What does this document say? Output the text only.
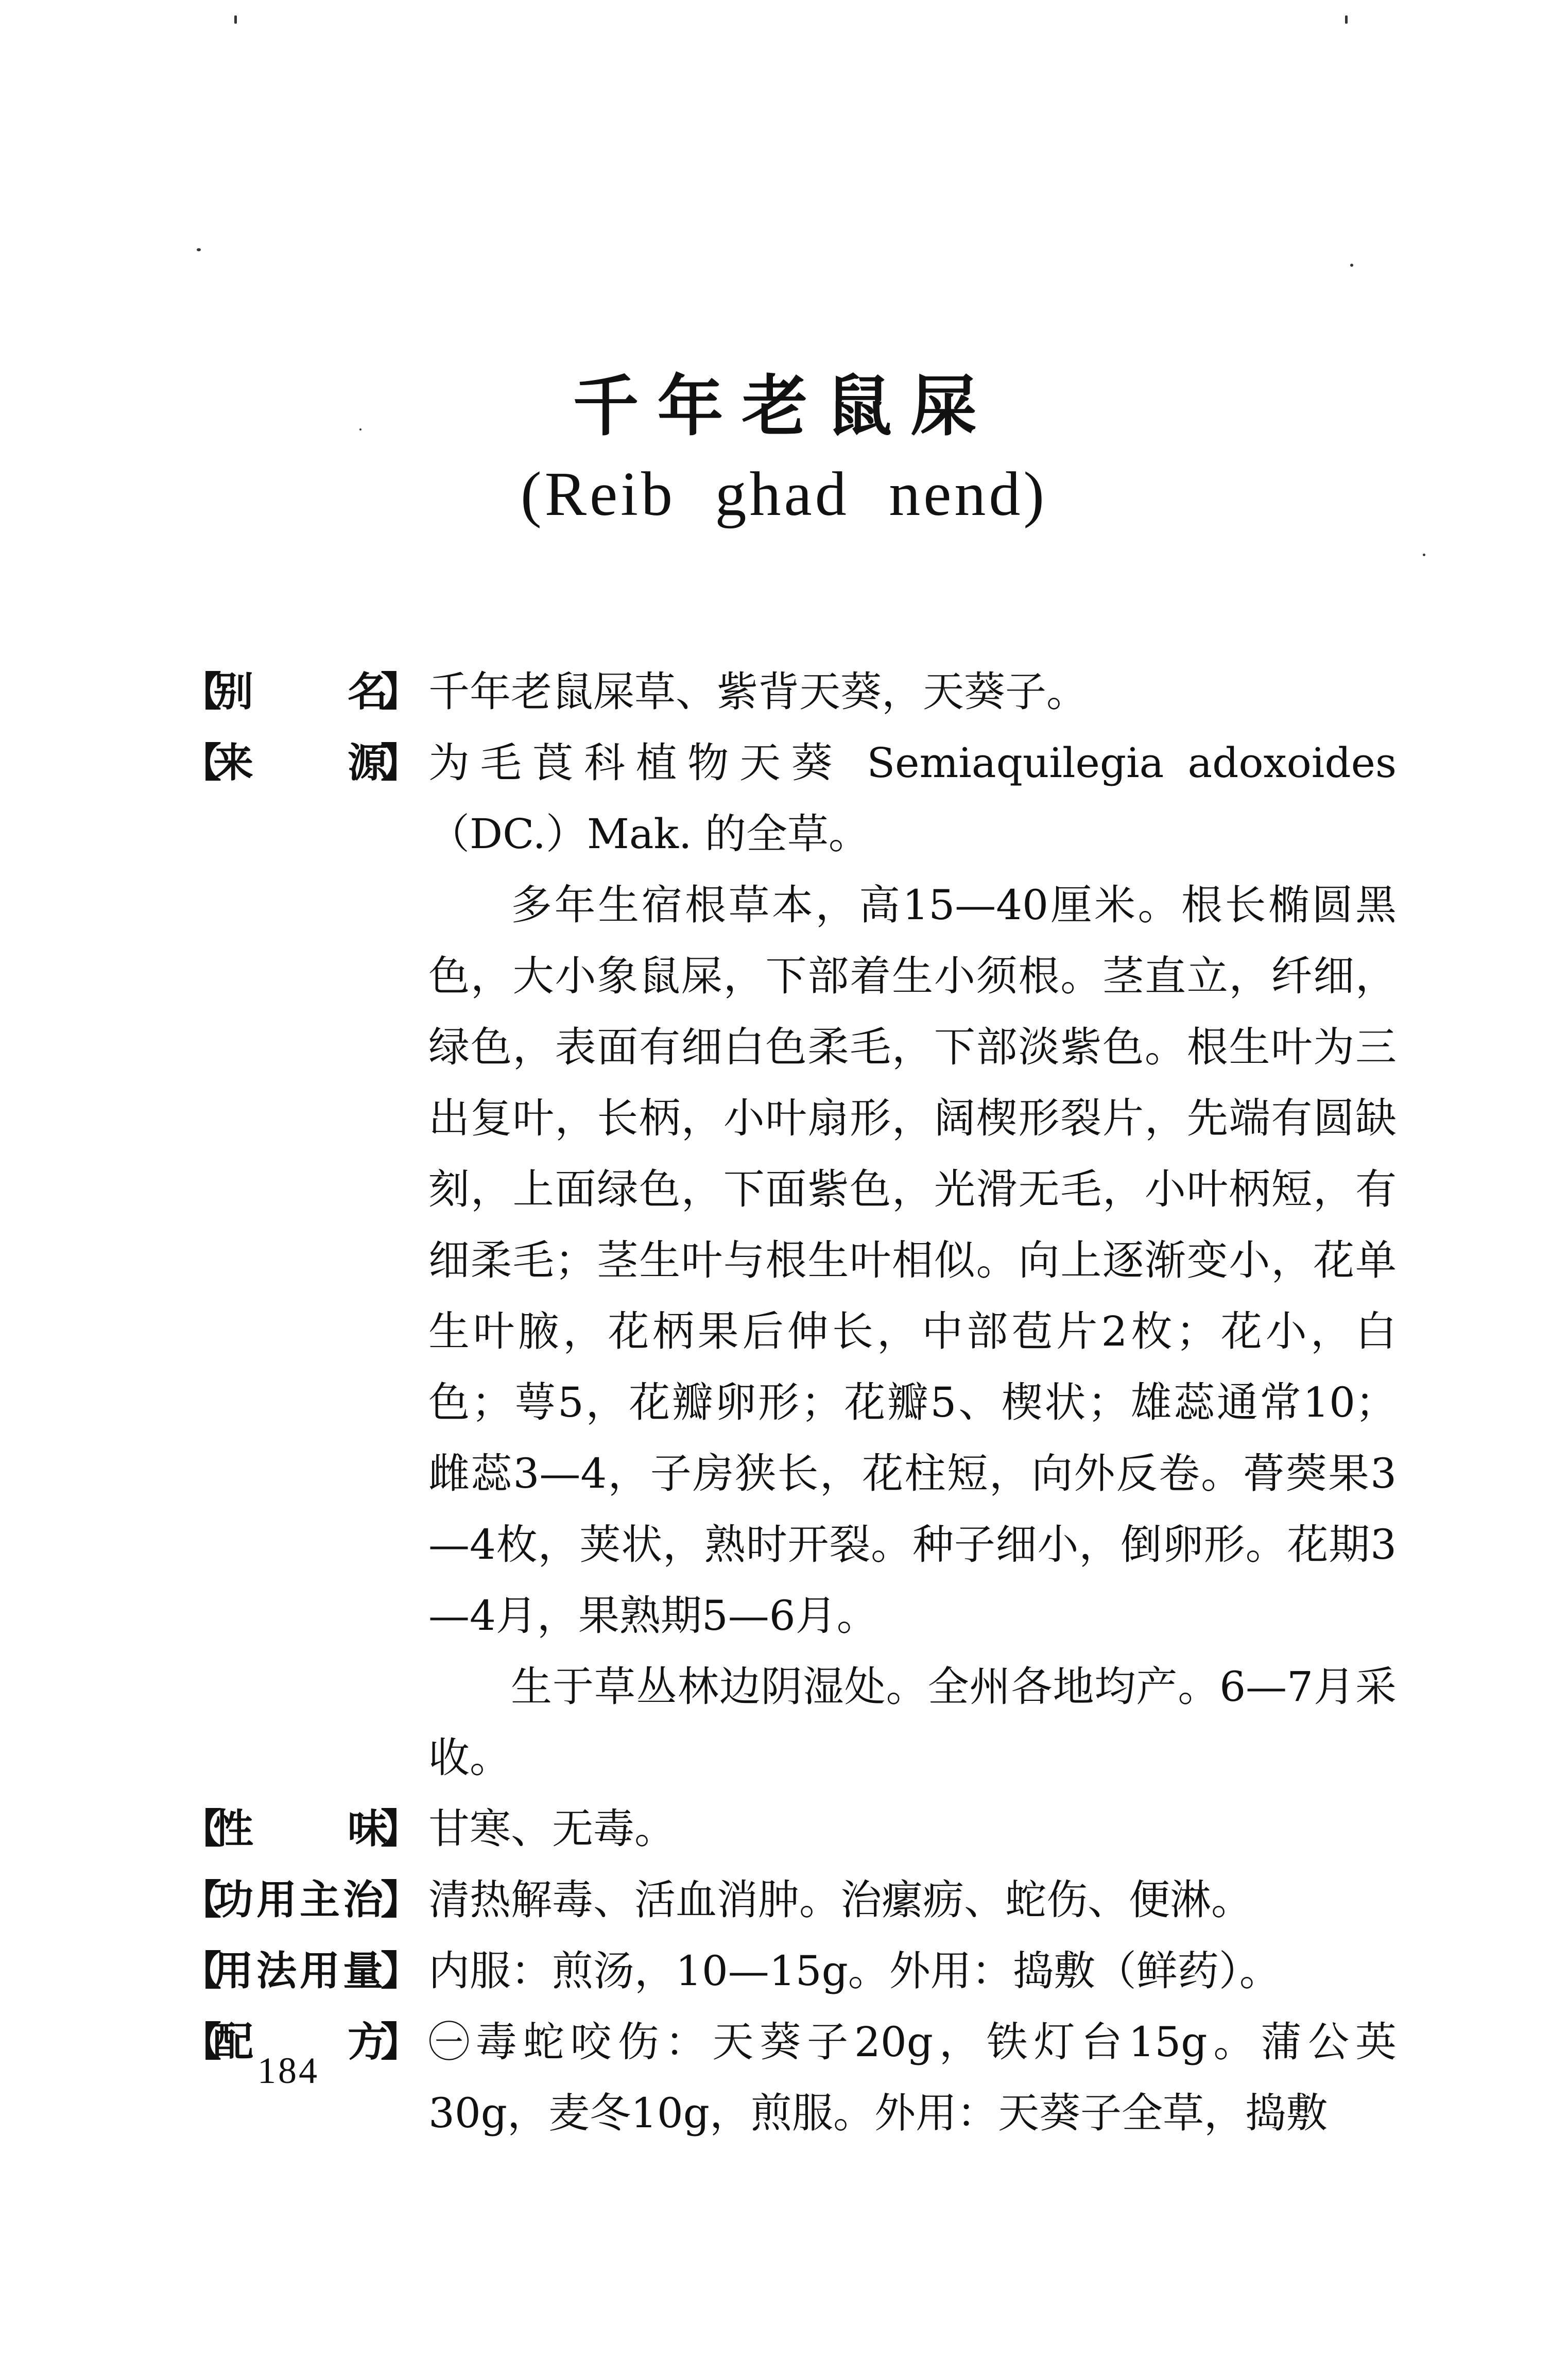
千年老鼠屎
(Reib ghad nend)
【
别 名
】 千年老鼠屎草、紫背天葵，天葵子。
【
来 源
】 为毛莨科植物天葵 Semiaquilegia adoxoides（DC.）Mak. 的全草。
多年生宿根草本，高15—40厘米。根长椭圆黑色，大小象鼠屎，下部着生小须根。茎直立，纤细，绿色，表面有细白色柔毛，下部淡紫色。根生叶为三出复叶，长柄，小叶扇形，阔楔形裂片，先端有圆缺刻，上面绿色，下面紫色，光滑无毛，小叶柄短，有细柔毛；茎生叶与根生叶相似。向上逐渐变小，花单生叶腋，花柄果后伸长，中部苞片2枚；花小，白色；萼5，花瓣卵形；花瓣5、楔状；雄蕊通常10；雌蕊3—4，子房狭长，花柱短，向外反卷。蓇葖果3—4枚，荚状，熟时开裂。种子细小，倒卵形。花期3—4月，果熟期5—6月。
生于草丛林边阴湿处。全州各地均产。6—7月采收。
【
性 味
】 甘寒、无毒。
【
功用主治
】 清热解毒、活血消肿。治瘰疬、蛇伤、便淋。
【
用法用量
】 内服：煎汤，10—15g。外用：捣敷（鲜药）。
【
配 方
】 ㊀毒蛇咬伤：天葵子20g，铁灯台15g。蒲公英30g，麦冬10g，煎服。外用：天葵子全草，捣敷
184
